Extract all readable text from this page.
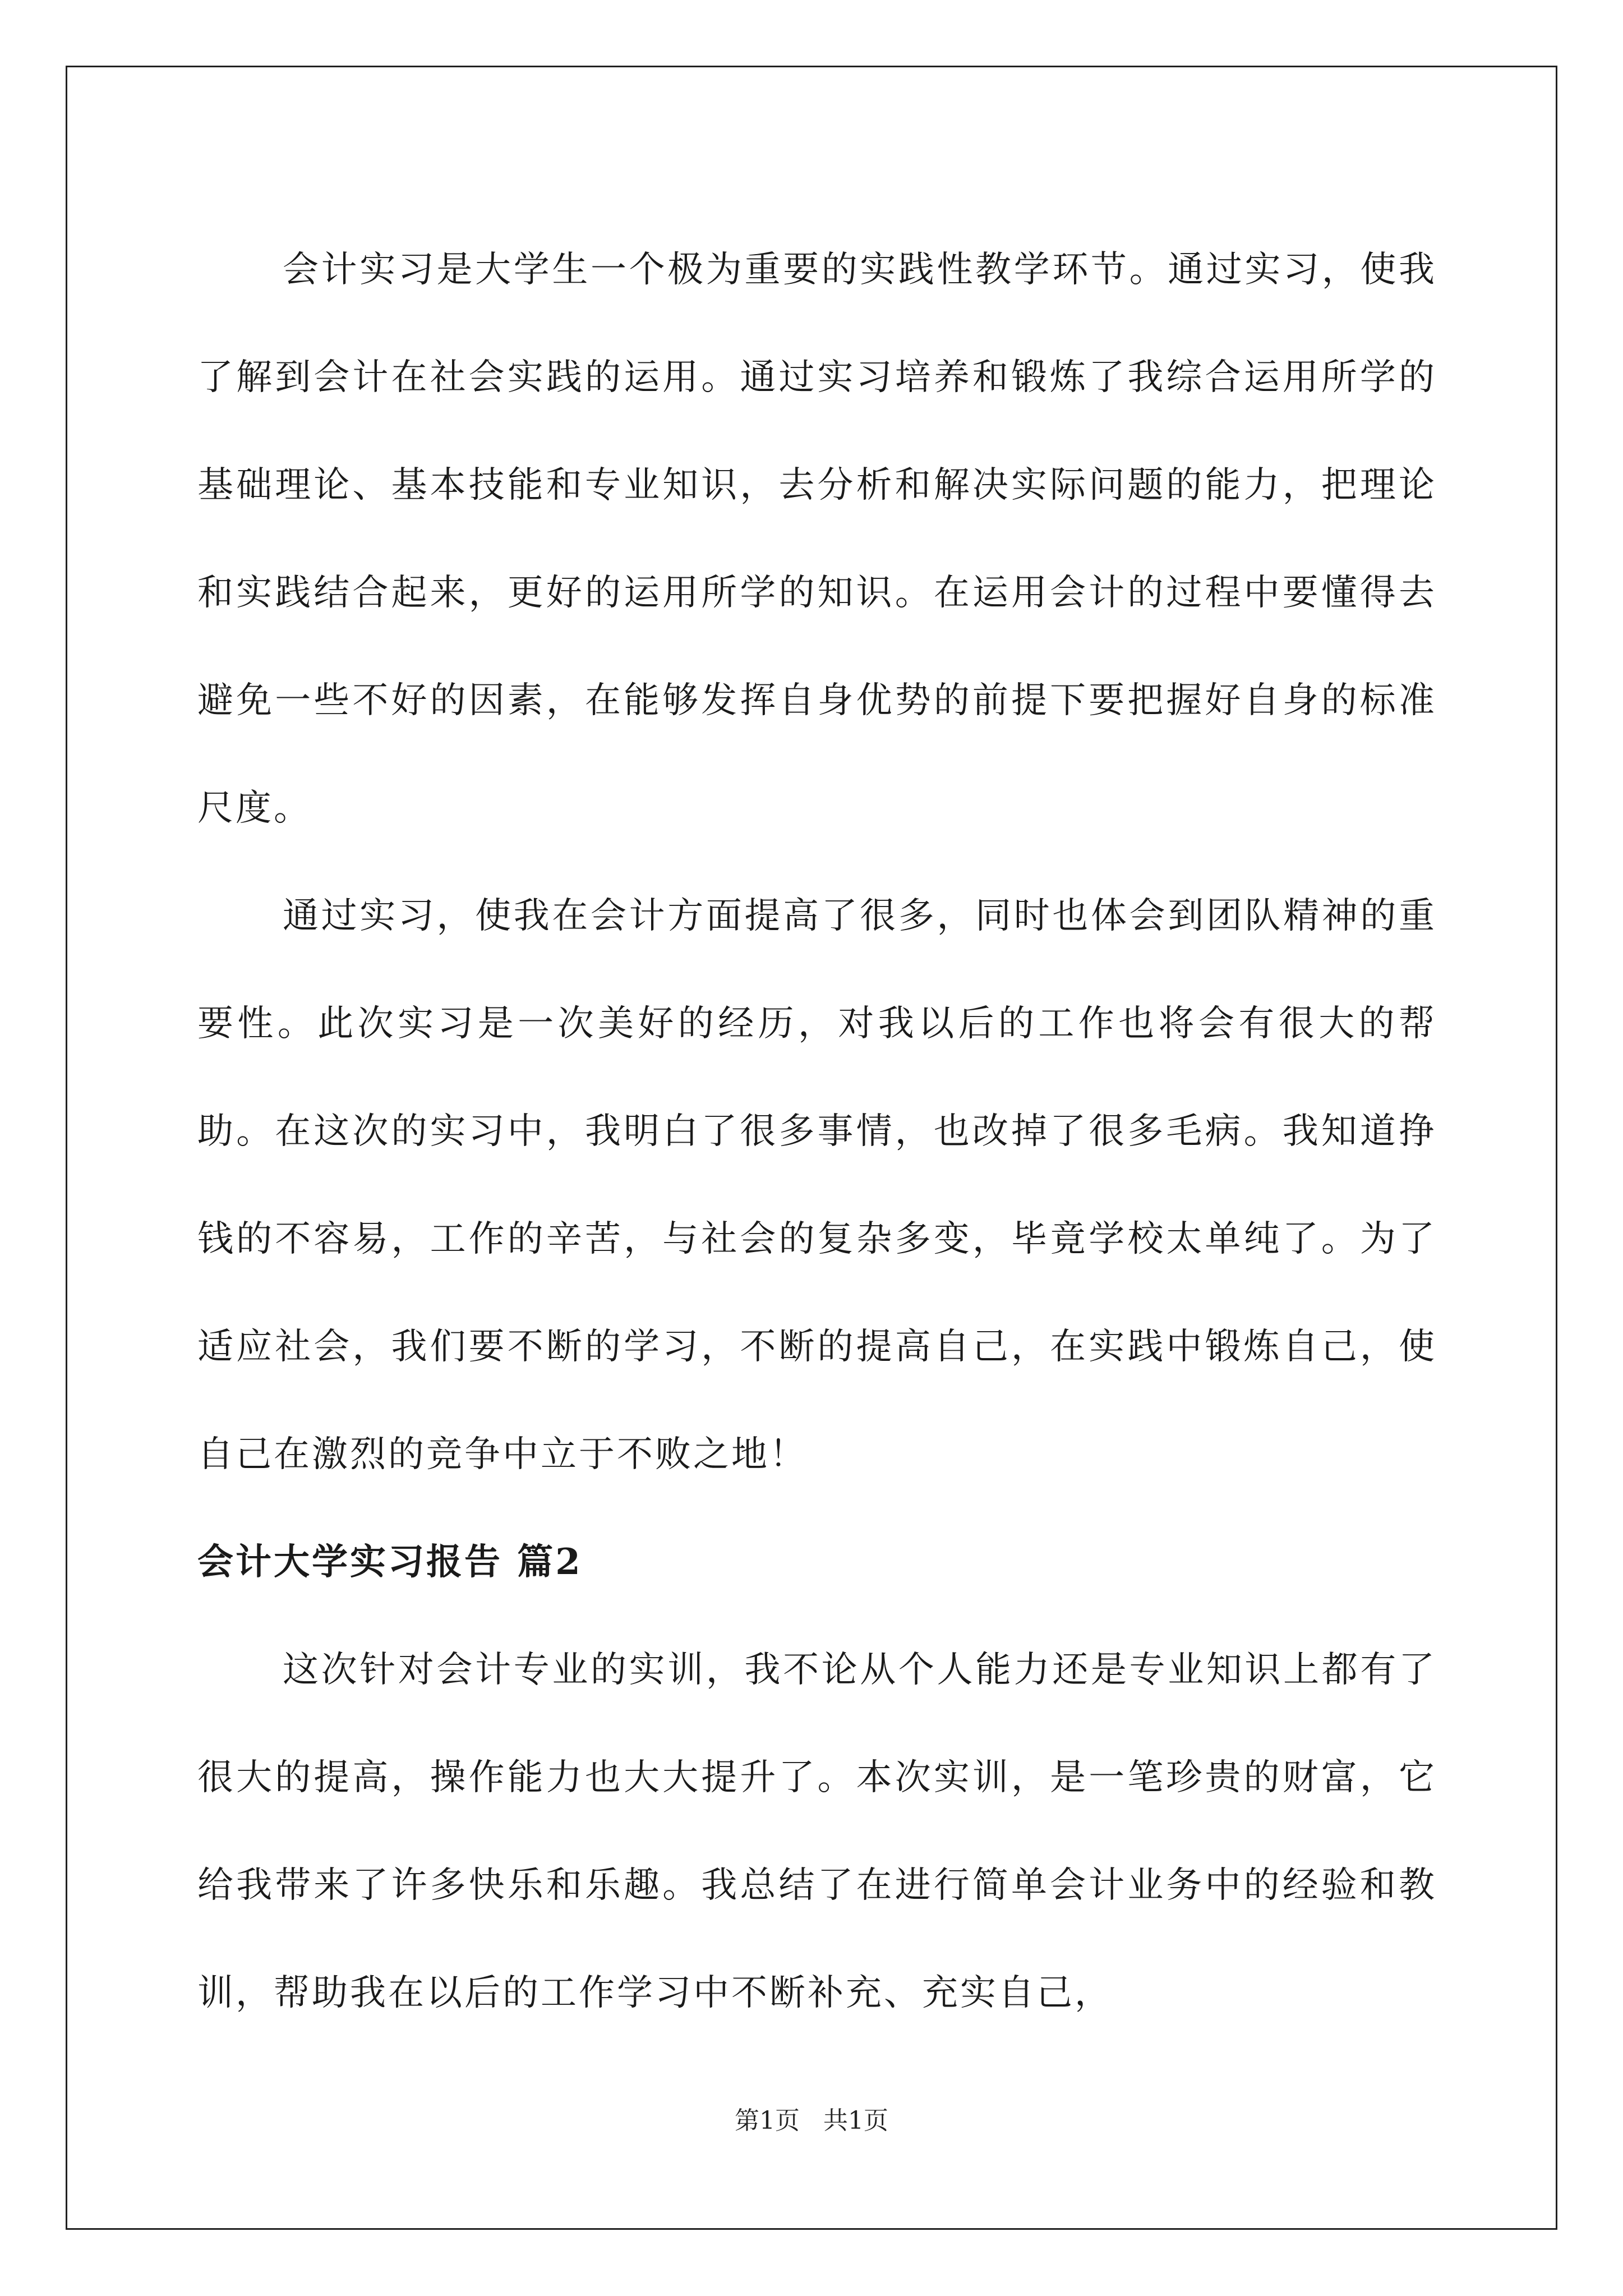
会计实习是大学生一个极为重要的实践性教学环节。通过实习，使我了解到会计在社会实践的运用。通过实习培养和锻炼了我综合运用所学的基础理论、基本技能和专业知识，去分析和解决实际问题的能力，把理论和实践结合起来，更好的运用所学的知识。在运用会计的过程中要懂得去避免一些不好的因素，在能够发挥自身优势的前提下要把握好自身的标准尺度。

通过实习，使我在会计方面提高了很多，同时也体会到团队精神的重要性。此次实习是一次美好的经历，对我以后的工作也将会有很大的帮助。在这次的实习中，我明白了很多事情，也改掉了很多毛病。我知道挣钱的不容易，工作的辛苦，与社会的复杂多变，毕竟学校太单纯了。为了适应社会，我们要不断的学习，不断的提高自己，在实践中锻炼自己，使自己在激烈的竞争中立于不败之地！

会计大学实习报告 篇2

这次针对会计专业的实训，我不论从个人能力还是专业知识上都有了很大的提高，操作能力也大大提升了。本次实训，是一笔珍贵的财富，它给我带来了许多快乐和乐趣。我总结了在进行简单会计业务中的经验和教训，帮助我在以后的工作学习中不断补充、充实自己，

第1页 共1页
